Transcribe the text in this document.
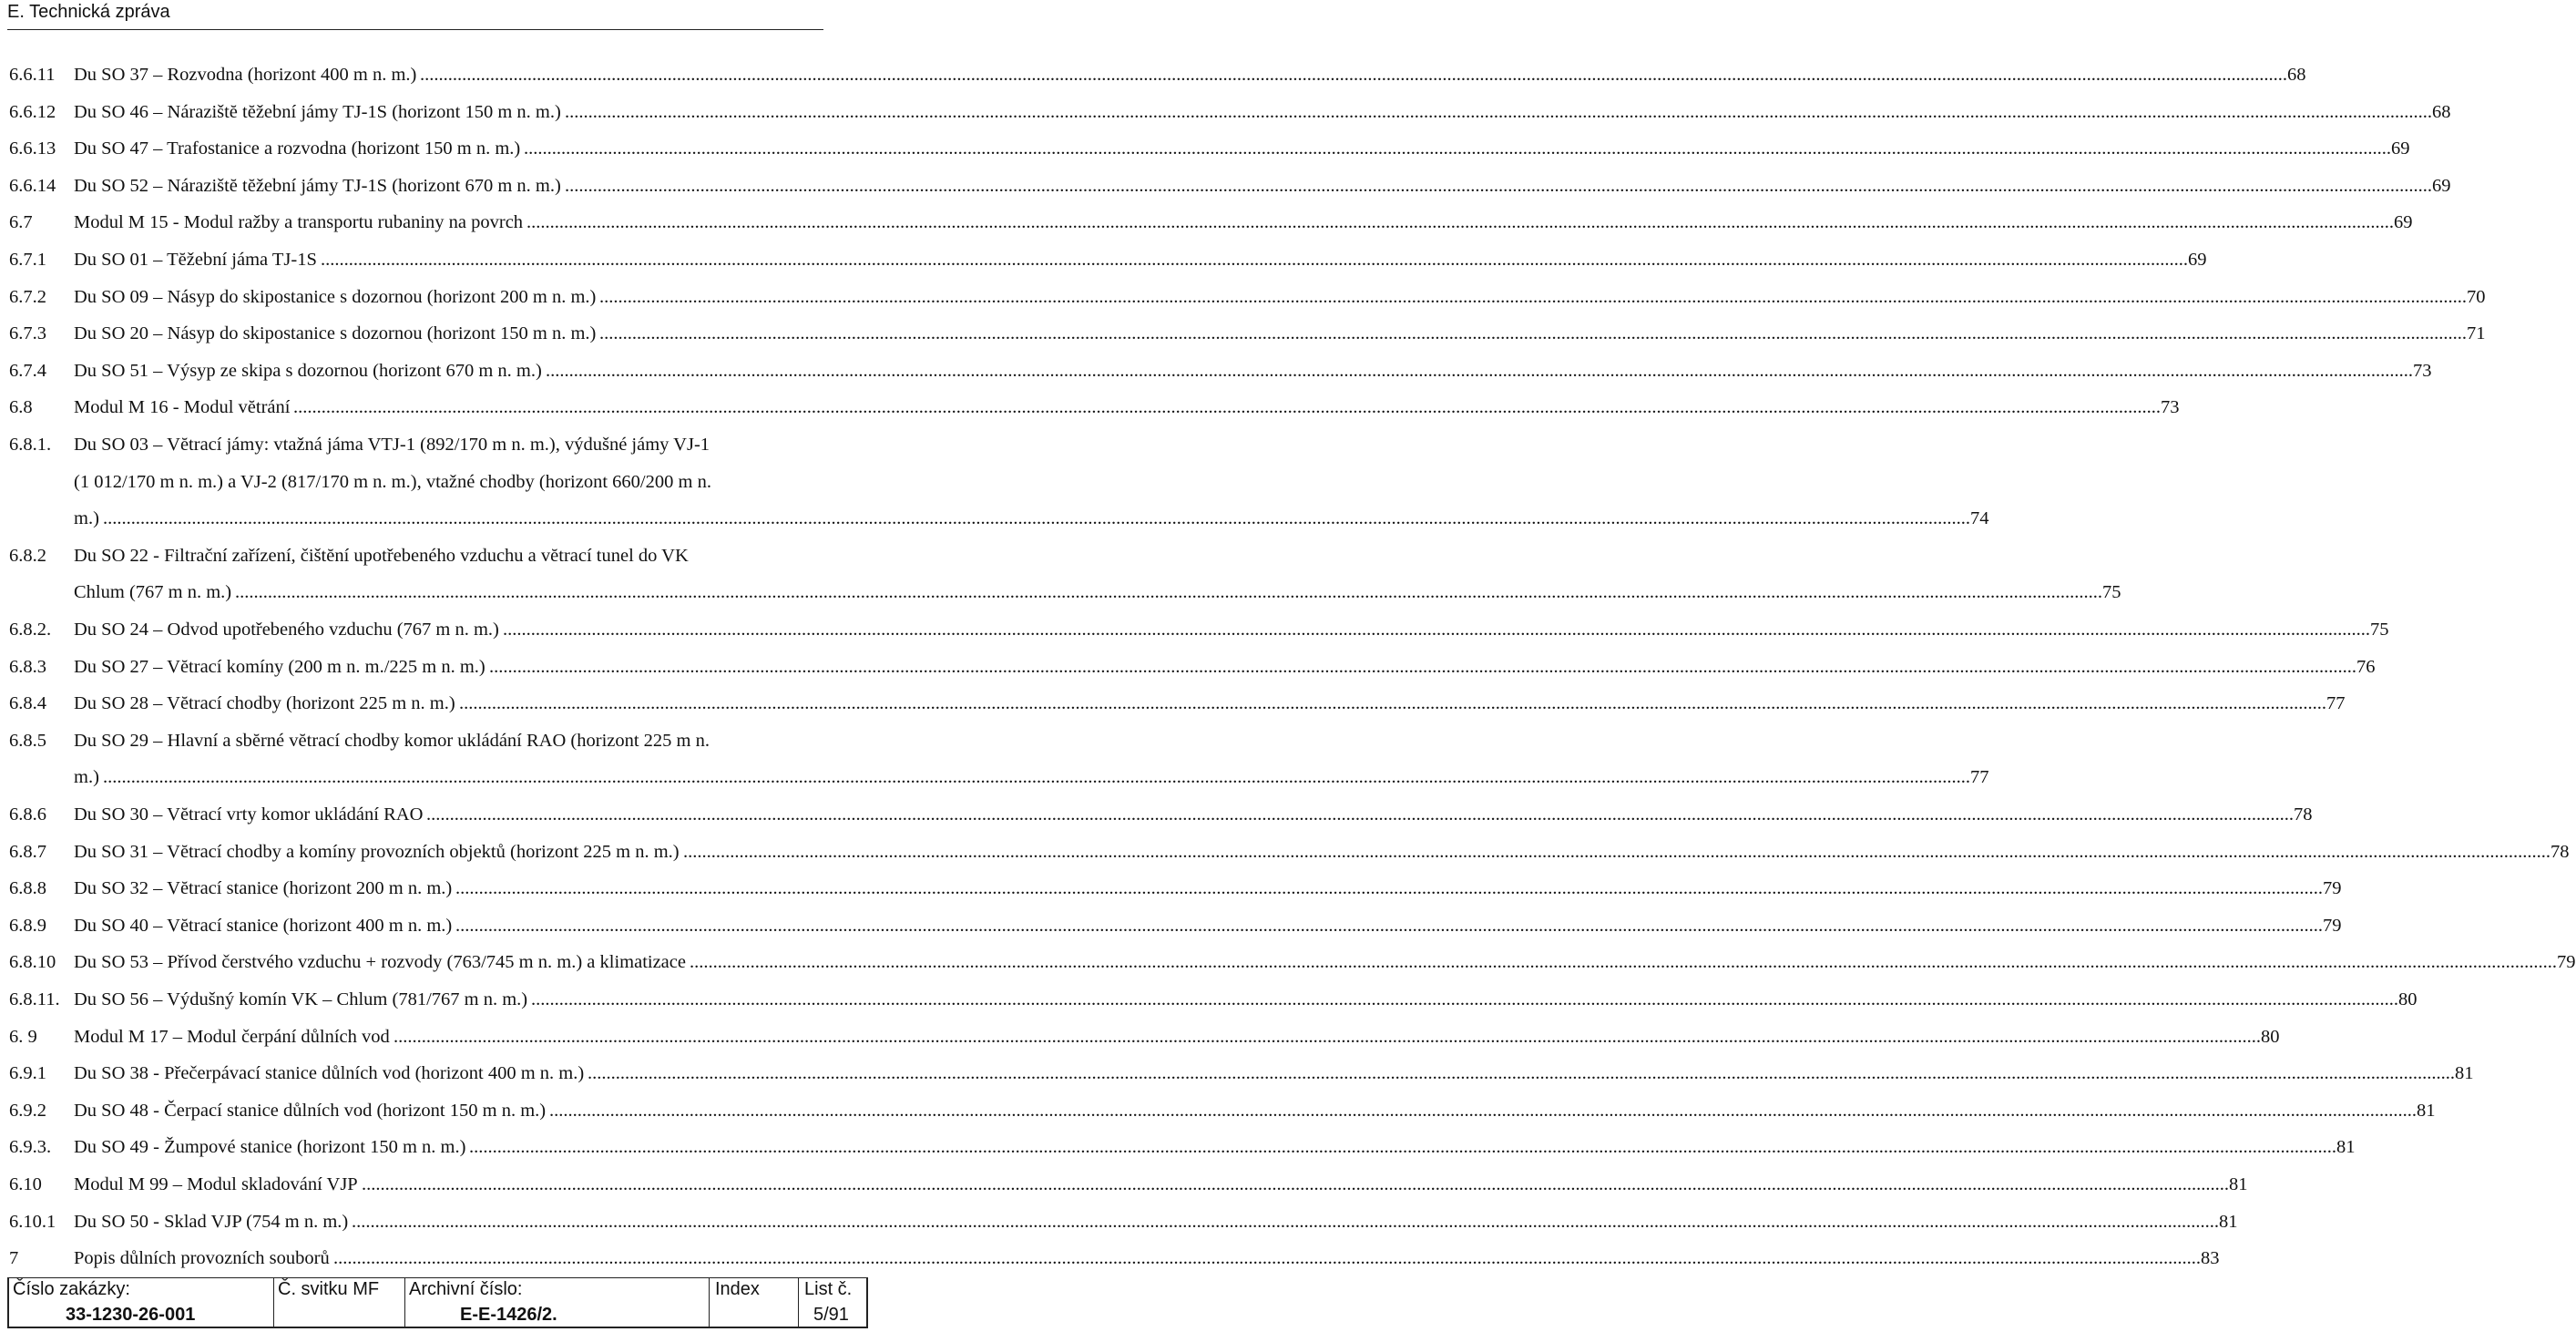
E. Technická zpráva
6.6.11 Du SO 37 – Rozvodna (horizont 400 m n. m.) ................................................................................................................................................................................................................................................................................................................................................................................................................ 68
6.6.12 Du SO 46 – Nárazištĕ tĕžební jámy TJ-1S (horizont 150 m n. m.) ................................................................................................................................................................................................................................................................................................................................................................................................................ 68
6.6.13 Du SO 47 – Trafostanice a rozvodna (horizont 150 m n. m.) ................................................................................................................................................................................................................................................................................................................................................................................................................ 69
6.6.14 Du SO 52 – Nárazištĕ tĕžební jámy TJ-1S (horizont 670 m n. m.) ................................................................................................................................................................................................................................................................................................................................................................................................................ 69
6.7 Modul M 15 - Modul ražby a transportu rubaniny na povrch ................................................................................................................................................................................................................................................................................................................................................................................................................ 69
6.7.1 Du SO 01 – Tĕžební jáma TJ-1S ................................................................................................................................................................................................................................................................................................................................................................................................................ 69
6.7.2 Du SO 09 – Násyp do skipostanice s dozornou (horizont 200 m n. m.) ................................................................................................................................................................................................................................................................................................................................................................................................................ 70
6.7.3 Du SO 20 – Násyp do skipostanice s dozornou (horizont 150 m n. m.) ................................................................................................................................................................................................................................................................................................................................................................................................................ 71
6.7.4 Du SO 51 – Výsyp ze skipa s dozornou (horizont 670 m n. m.) ................................................................................................................................................................................................................................................................................................................................................................................................................ 73
6.8 Modul M 16 - Modul vĕtrání ................................................................................................................................................................................................................................................................................................................................................................................................................ 73
6.8.1. Du SO 03 – Vĕtrací jámy: vtažná jáma VTJ-1 (892/170 m n. m.), výdušné jámy VJ-1
(1 012/170 m n. m.) a VJ-2 (817/170 m n. m.), vtažné chodby (horizont 660/200 m n.
m.) ................................................................................................................................................................................................................................................................................................................................................................................................................ 74
6.8.2 Du SO 22 - Filtrační zařízení, čištĕní upotřebeného vzduchu a vĕtrací tunel do VK
Chlum (767 m n. m.) ................................................................................................................................................................................................................................................................................................................................................................................................................ 75
6.8.2. Du SO 24 – Odvod upotřebeného vzduchu (767 m n. m.) ................................................................................................................................................................................................................................................................................................................................................................................................................ 75
6.8.3 Du SO 27 – Vĕtrací komíny (200 m n. m./225 m n. m.) ................................................................................................................................................................................................................................................................................................................................................................................................................ 76
6.8.4 Du SO 28 – Vĕtrací chodby (horizont 225 m n. m.) ................................................................................................................................................................................................................................................................................................................................................................................................................ 77
6.8.5 Du SO 29 – Hlavní a sbĕrné vĕtrací chodby komor ukládání RAO (horizont 225 m n.
m.) ................................................................................................................................................................................................................................................................................................................................................................................................................ 77
6.8.6 Du SO 30 – Vĕtrací vrty komor ukládání RAO ................................................................................................................................................................................................................................................................................................................................................................................................................ 78
6.8.7 Du SO 31 – Vĕtrací chodby a komíny provozních objektů (horizont 225 m n. m.) ................................................................................................................................................................................................................................................................................................................................................................................................................ 78
6.8.8 Du SO 32 – Vĕtrací stanice (horizont 200 m n. m.) ................................................................................................................................................................................................................................................................................................................................................................................................................ 79
6.8.9 Du SO 40 – Vĕtrací stanice (horizont 400 m n. m.) ................................................................................................................................................................................................................................................................................................................................................................................................................ 79
6.8.10 Du SO 53 – Přívod čerstvého vzduchu + rozvody (763/745 m n. m.) a klimatizace ................................................................................................................................................................................................................................................................................................................................................................................................................ 79
6.8.11. Du SO 56 – Výdušný komín VK – Chlum (781/767 m n. m.) ................................................................................................................................................................................................................................................................................................................................................................................................................ 80
6. 9 Modul M 17 – Modul čerpání důlních vod ................................................................................................................................................................................................................................................................................................................................................................................................................ 80
6.9.1 Du SO 38 - Přečerpávací stanice důlních vod (horizont 400 m n. m.) ................................................................................................................................................................................................................................................................................................................................................................................................................ 81
6.9.2 Du SO 48 - Čerpací stanice důlních vod (horizont 150 m n. m.) ................................................................................................................................................................................................................................................................................................................................................................................................................ 81
6.9.3. Du SO 49 - Žumpové stanice (horizont 150 m n. m.) ................................................................................................................................................................................................................................................................................................................................................................................................................ 81
6.10 Modul M 99 – Modul skladování VJP ................................................................................................................................................................................................................................................................................................................................................................................................................ 81
6.10.1 Du SO 50 - Sklad VJP (754 m n. m.) ................................................................................................................................................................................................................................................................................................................................................................................................................ 81
7	Popis důlních provozních souborů ................................................................................................................................................................................................................................................................................................................................................................................................................ 83
Číslo zakázky:
33-1230-26-001
Č. svitku MF Archivní číslo:
E-E-1426/2.
Index List č.
5/91
